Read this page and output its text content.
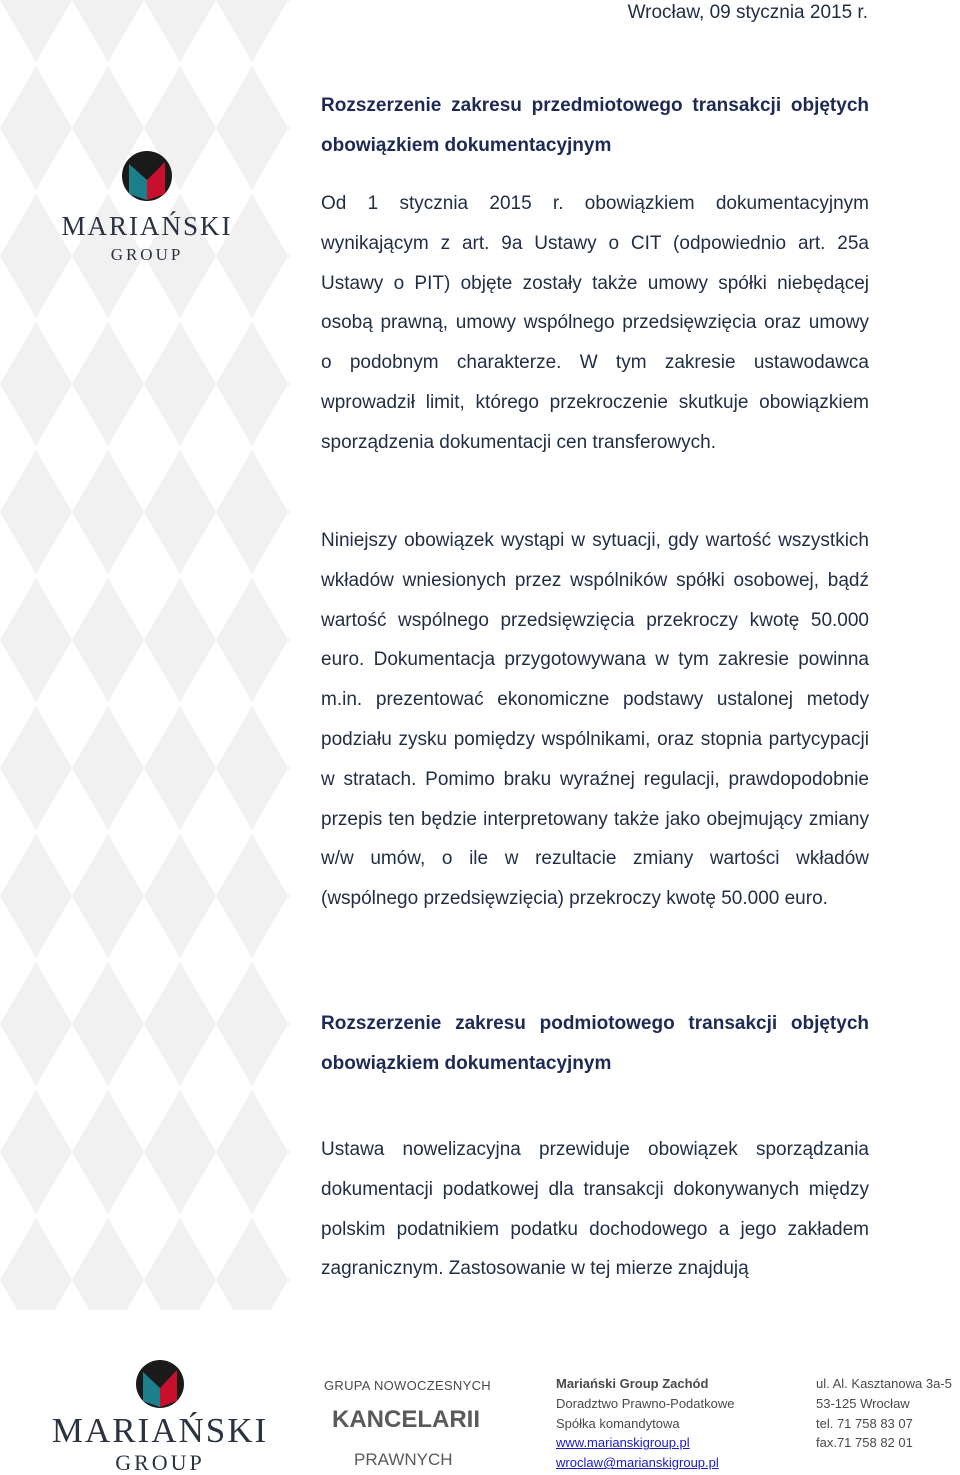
Wrocław, 09 stycznia 2015 r.
MARIAŃSKI
GROUP
Rozszerzenie zakresu przedmiotowego transakcji objętych obowiązkiem dokumentacyjnym

Od 1 stycznia 2015 r. obowiązkiem dokumentacyjnym wynikającym z art. 9a Ustawy o CIT (odpowiednio art. 25a Ustawy o PIT) objęte zostały także umowy spółki niebędącej osobą prawną, umowy wspólnego przedsięwzięcia oraz umowy o podobnym charakterze. W tym zakresie ustawodawca wprowadził limit, którego przekroczenie skutkuje obowiązkiem sporządzenia dokumentacji cen transferowych.

Niniejszy obowiązek wystąpi w sytuacji, gdy wartość wszystkich wkładów wniesionych przez wspólników spółki osobowej, bądź wartość wspólnego przedsięwzięcia przekroczy kwotę 50.000 euro. Dokumentacja przygotowywana w tym zakresie powinna m.in. prezentować ekonomiczne podstawy ustalonej metody podziału zysku pomiędzy wspólnikami, oraz stopnia partycypacji w stratach. Pomimo braku wyraźnej regulacji, prawdopodobnie przepis ten będzie interpretowany także jako obejmujący zmiany w/w umów, o ile w rezultacie zmiany wartości wkładów (wspólnego przedsięwzięcia) przekroczy kwotę 50.000 euro.

Rozszerzenie zakresu podmiotowego transakcji objętych obowiązkiem dokumentacyjnym

Ustawa nowelizacyjna przewiduje obowiązek sporządzania dokumentacji podatkowej dla transakcji dokonywanych między polskim podatnikiem podatku dochodowego a jego zakładem zagranicznym. Zastosowanie w tej mierze znajdują

MARIAŃSKI
GROUP
GRUPA NOWOCZESNYCH
KANCELARII
PRAWNYCH
Mariański Group Zachód
Doradztwo Prawno-Podatkowe
Spółka komandytowa
www.marianskigroup.pl
wroclaw@marianskigroup.pl
ul. Al. Kasztanowa 3a-5
53-125 Wrocław
tel. 71 758 83 07
fax.71 758 82 01
